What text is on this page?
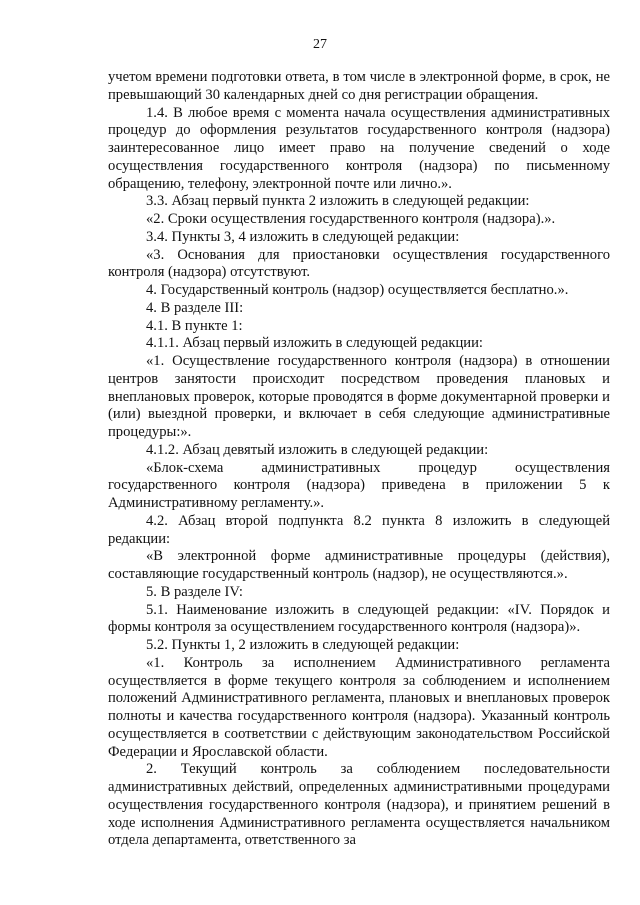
27

учетом времени подготовки ответа, в том числе в электронной форме, в срок, не превышающий 30 календарных дней со дня регистрации обращения.

1.4. В любое время с момента начала осуществления административных процедур до оформления результатов государственного контроля (надзора) заинтересованное лицо имеет право на получение сведений о ходе осуществления государственного контроля (надзора) по письменному обращению, телефону, электронной почте или лично.».

3.3. Абзац первый пункта 2 изложить в следующей редакции:

«2. Сроки осуществления государственного контроля (надзора).».

3.4. Пункты 3, 4 изложить в следующей редакции:

«3. Основания для приостановки осуществления государственного контроля (надзора) отсутствуют.

4. Государственный контроль (надзор) осуществляется бесплатно.».

4. В разделе III:

4.1. В пункте 1:

4.1.1. Абзац первый изложить в следующей редакции:

«1. Осуществление государственного контроля (надзора) в отношении центров занятости происходит посредством проведения плановых и внеплановых проверок, которые проводятся в форме документарной проверки и (или) выездной проверки, и включает в себя следующие административные процедуры:».

4.1.2. Абзац девятый изложить в следующей редакции:

«Блок-схема административных процедур осуществления государственного контроля (надзора) приведена в приложении 5 к Административному регламенту.».

4.2. Абзац второй подпункта 8.2 пункта 8 изложить в следующей редакции:

«В электронной форме административные процедуры (действия), составляющие государственный контроль (надзор), не осуществляются.».

5. В разделе IV:

5.1. Наименование изложить в следующей редакции: «IV. Порядок и формы контроля за осуществлением государственного контроля (надзора)».

5.2. Пункты 1, 2 изложить в следующей редакции:

«1. Контроль за исполнением Административного регламента осуществляется в форме текущего контроля за соблюдением и исполнением положений Административного регламента, плановых и внеплановых проверок полноты и качества государственного контроля (надзора). Указанный контроль осуществляется в соответствии с действующим законодательством Российской Федерации и Ярославской области.

2. Текущий контроль за соблюдением последовательности административных действий, определенных административными процедурами осуществления государственного контроля (надзора), и принятием решений в ходе исполнения Административного регламента осуществляется начальником отдела департамента, ответственного за
